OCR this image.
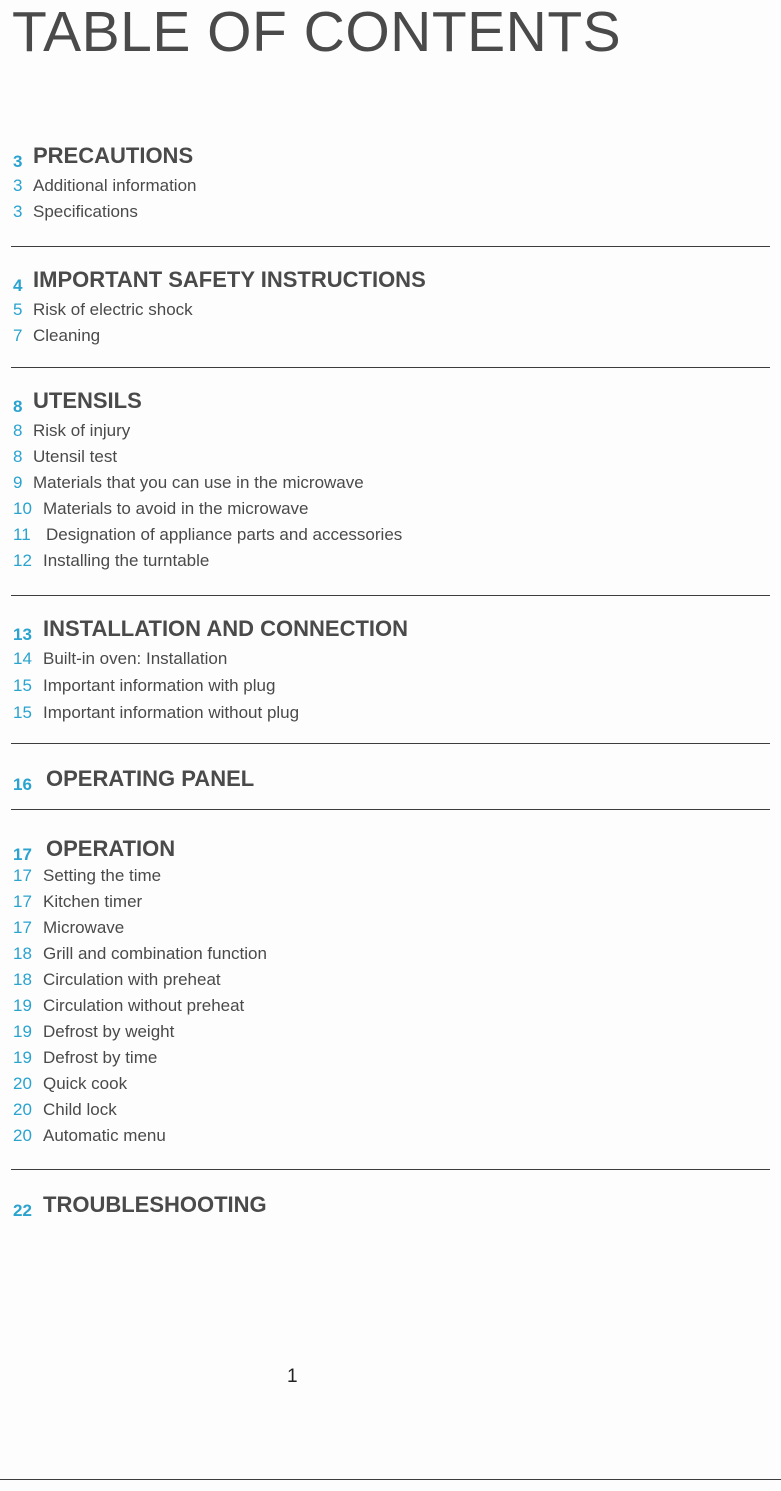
TABLE OF CONTENTS
3 PRECAUTIONS
3 Additional information
3 Specifications
4 IMPORTANT SAFETY INSTRUCTIONS
5 Risk of electric shock
7 Cleaning
8 UTENSILS
8 Risk of injury
8 Utensil test
9 Materials that you can use in the microwave
10 Materials to avoid in the microwave
11 Designation of appliance parts and accessories
12 Installing the turntable
13 INSTALLATION AND CONNECTION
14 Built-in oven: Installation
15 Important information with plug
15 Important information without plug
16 OPERATING PANEL
17 OPERATION
17 Setting the time
17 Kitchen timer
17 Microwave
18 Grill and combination function
18 Circulation with preheat
19 Circulation without preheat
19 Defrost by weight
19 Defrost by time
20 Quick cook
20 Child lock
20 Automatic menu
22 TROUBLESHOOTING
1
